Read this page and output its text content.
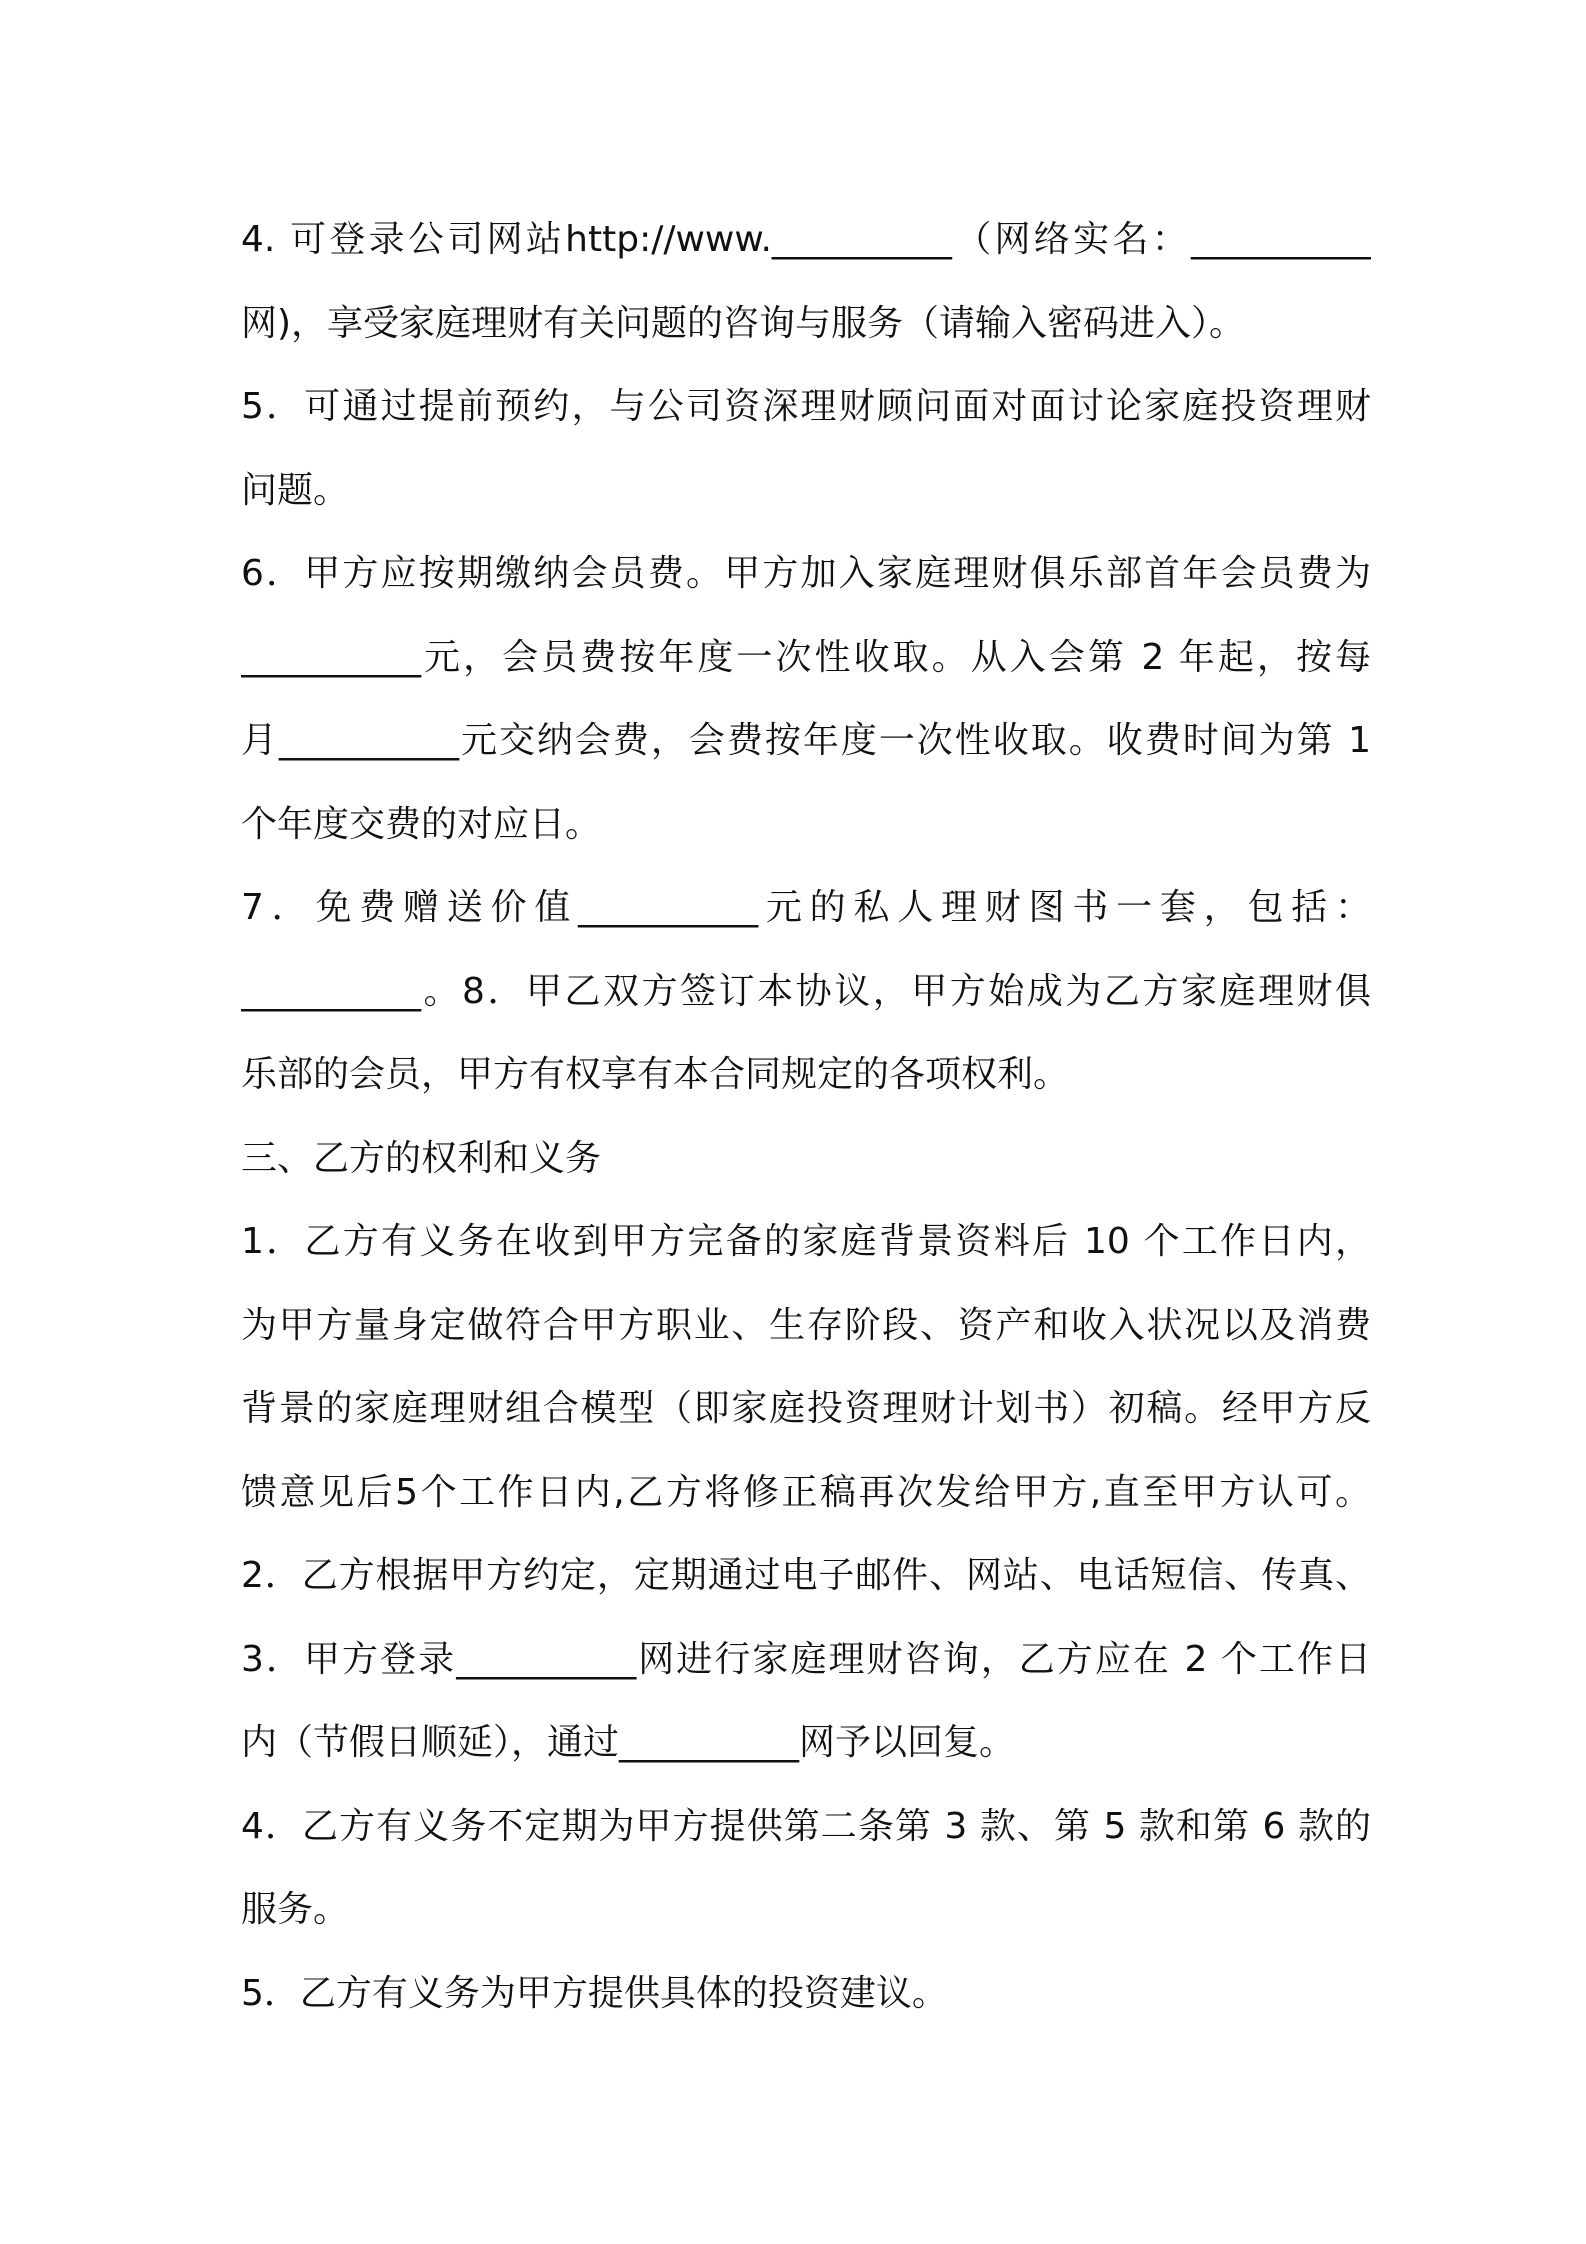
4. 可登录公司网站http://www.__________（网络实名：__________
网)，享受家庭理财有关问题的咨询与服务（请输入密码进入）。
5．可通过提前预约，与公司资深理财顾问面对面讨论家庭投资理财
问题。
6．甲方应按期缴纳会员费。甲方加入家庭理财俱乐部首年会员费为
__________元，会员费按年度一次性收取。从入会第 2 年起，按每
月__________元交纳会费，会费按年度一次性收取。收费时间为第 1
个年度交费的对应日。
7．免费赠送价值__________元的私人理财图书一套，包括：
__________。8．甲乙双方签订本协议，甲方始成为乙方家庭理财俱
乐部的会员，甲方有权享有本合同规定的各项权利。
三、乙方的权利和义务
1．乙方有义务在收到甲方完备的家庭背景资料后 10 个工作日内，
为甲方量身定做符合甲方职业、生存阶段、资产和收入状况以及消费
背景的家庭理财组合模型（即家庭投资理财计划书）初稿。经甲方反
馈意见后5个工作日内,乙方将修正稿再次发给甲方,直至甲方认可。
2．乙方根据甲方约定，定期通过电子邮件、网站、电话短信、传真、
3．甲方登录__________网进行家庭理财咨询，乙方应在 2 个工作日
内（节假日顺延），通过__________网予以回复。
4．乙方有义务不定期为甲方提供第二条第 3 款、第 5 款和第 6 款的
服务。
5．乙方有义务为甲方提供具体的投资建议。
